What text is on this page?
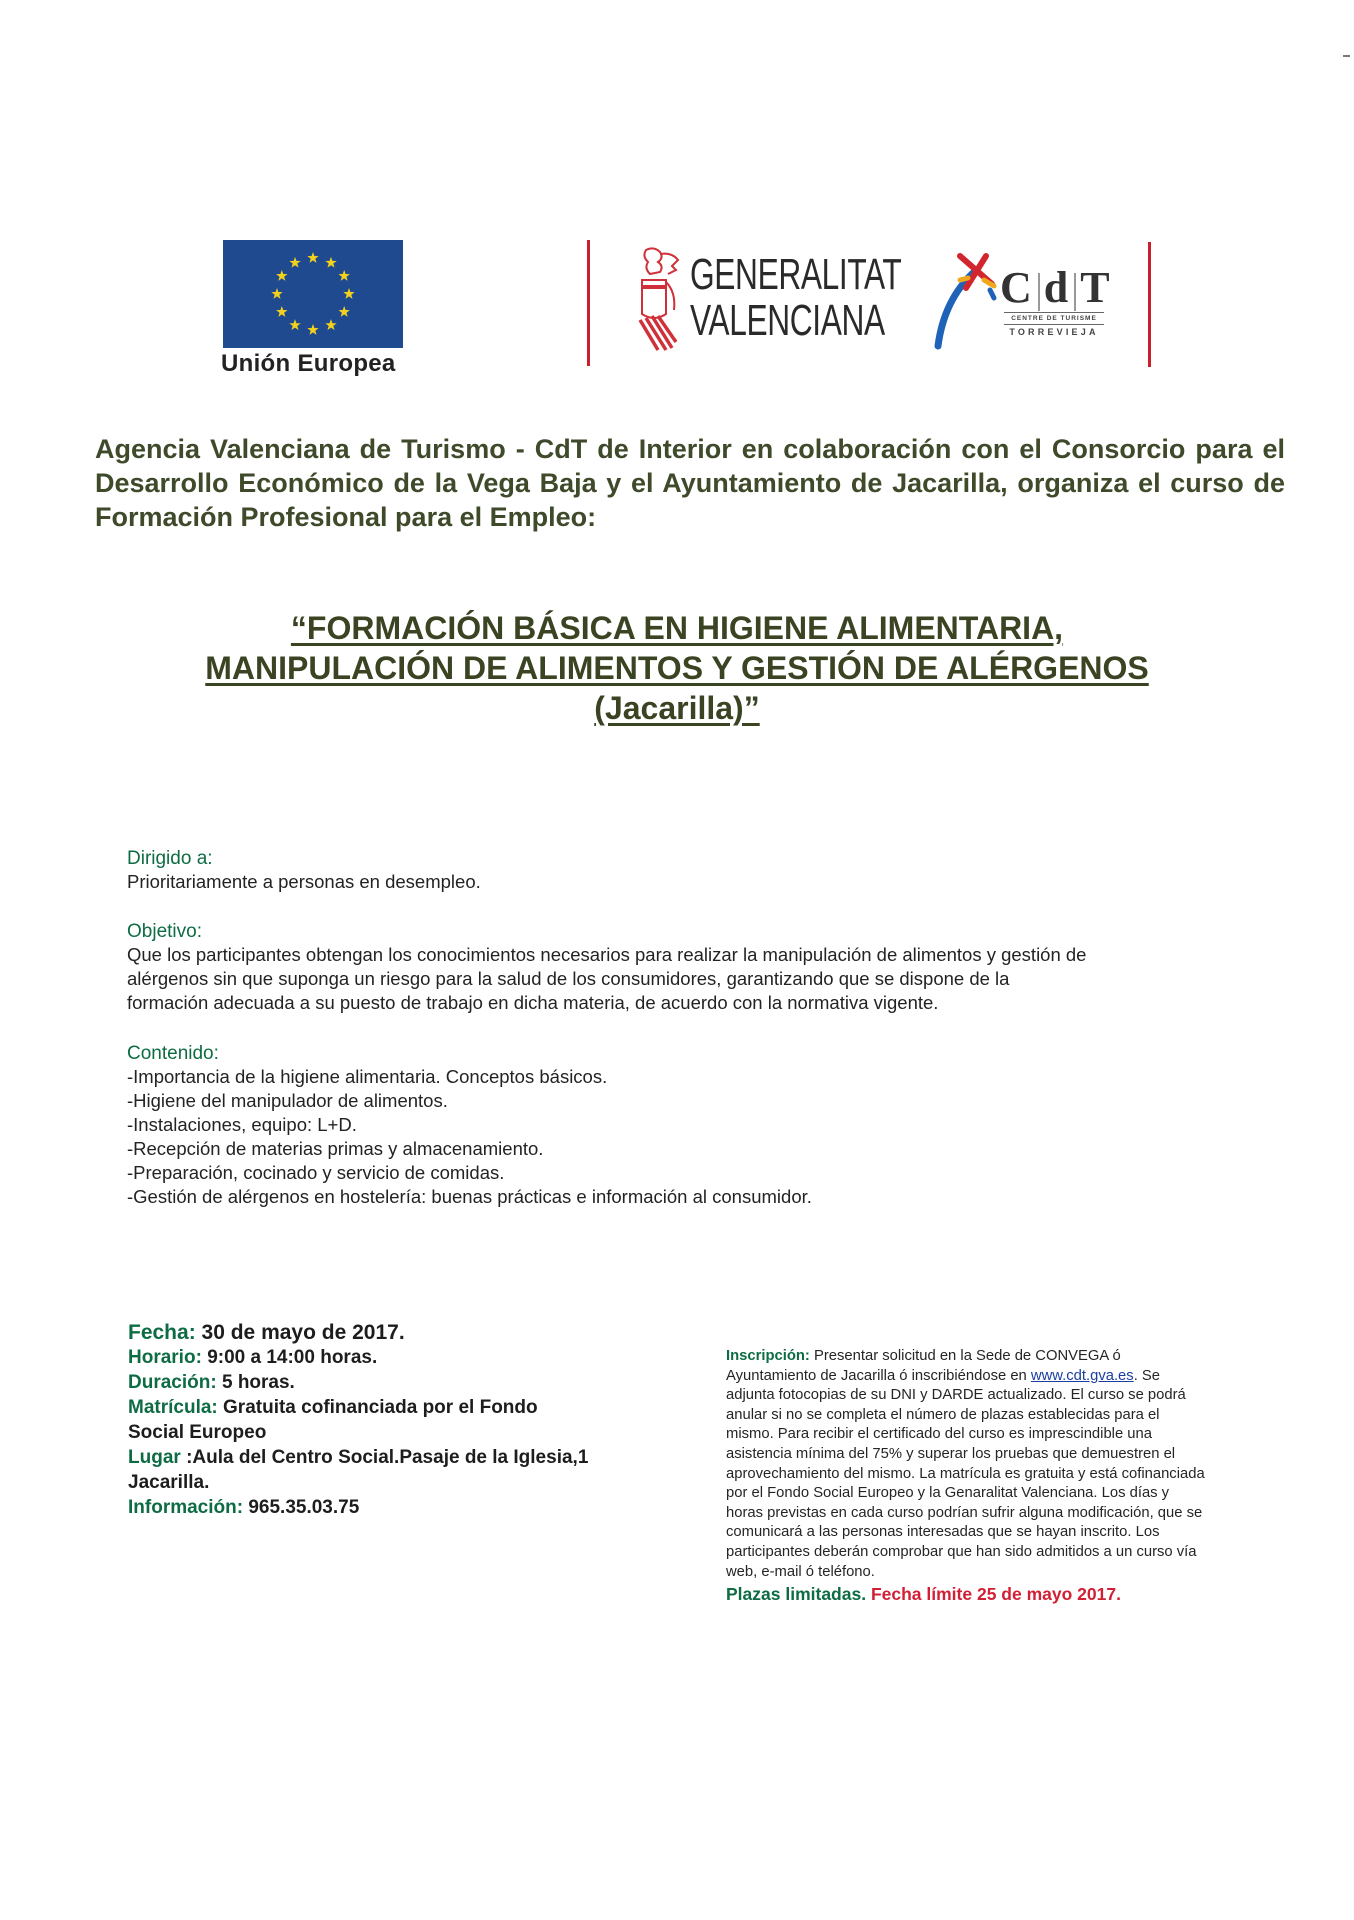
Unión Europea
GENERALITAT
VALENCIANA
C d T
CENTRE DE TURISME
TORREVIEJA
Agencia Valenciana de Turismo - CdT de Interior en colaboración con el Consorcio para el Desarrollo Económico de la Vega Baja y el Ayuntamiento de Jacarilla, organiza el curso de Formación Profesional para el Empleo:
“FORMACIÓN BÁSICA EN HIGIENE ALIMENTARIA,
MANIPULACIÓN DE ALIMENTOS Y GESTIÓN DE ALÉRGENOS
(Jacarilla)”
Dirigido a:
Prioritariamente a personas en desempleo.
Objetivo:
Que los participantes obtengan los conocimientos necesarios para realizar la manipulación de alimentos y gestión de
alérgenos sin que suponga un riesgo para la salud de los consumidores, garantizando que se dispone de la
formación adecuada a su puesto de trabajo en dicha materia, de acuerdo con la normativa vigente.
Contenido:
-Importancia de la higiene alimentaria. Conceptos básicos.
-Higiene del manipulador de alimentos.
-Instalaciones, equipo: L+D.
-Recepción de materias primas y almacenamiento.
-Preparación, cocinado y servicio de comidas.
-Gestión de alérgenos en hostelería: buenas prácticas e información al consumidor.
Fecha: 30 de mayo de 2017.
Horario: 9:00 a 14:00 horas.
Duración: 5 horas.
Matrícula: Gratuita cofinanciada por el Fondo
Social Europeo
Lugar :Aula del Centro Social.Pasaje de la Iglesia,1
Jacarilla.
Información: 965.35.03.75
Inscripción: Presentar solicitud en la Sede de CONVEGA ó
Ayuntamiento de Jacarilla ó inscribiéndose en www.cdt.gva.es. Se
adjunta fotocopias de su DNI y DARDE actualizado. El curso se podrá
anular si no se completa el número de plazas establecidas para el
mismo. Para recibir el certificado del curso es imprescindible una
asistencia mínima del 75% y superar los pruebas que demuestren el
aprovechamiento del mismo. La matrícula es gratuita y está cofinanciada
por el Fondo Social Europeo y la Genaralitat Valenciana. Los días y
horas previstas en cada curso podrían sufrir alguna modificación, que se
comunicará a las personas interesadas que se hayan inscrito. Los
participantes deberán comprobar que han sido admitidos a un curso vía
web, e-mail ó teléfono.
Plazas limitadas. Fecha límite 25 de mayo 2017.
